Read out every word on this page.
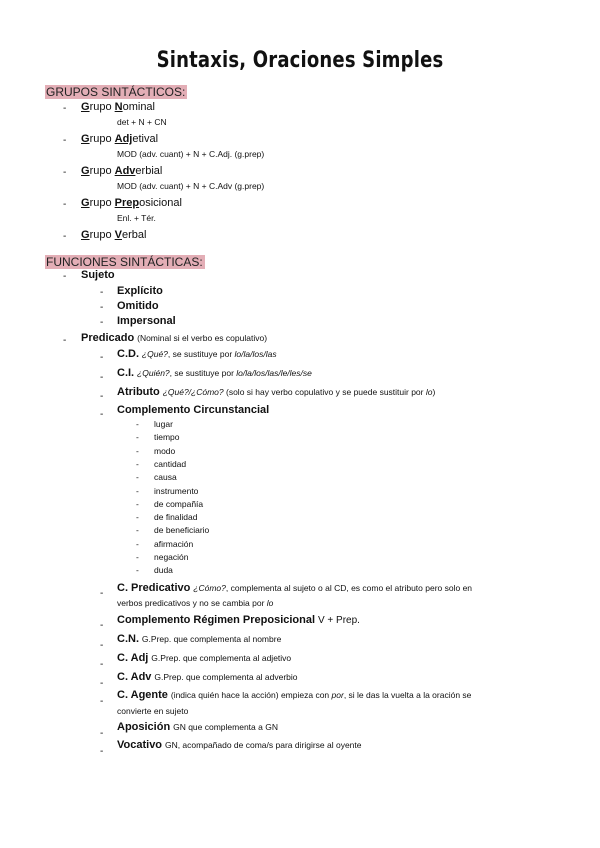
Sintaxis, Oraciones Simples
GRUPOS SINTÁCTICOS:
- Grupo Nominal
det + N + CN
- Grupo Adjetival
MOD (adv. cuant) + N + C.Adj. (g.prep)
- Grupo Adverbial
MOD (adv. cuant) + N + C.Adv (g.prep)
- Grupo Preposicional
Enl. + Tér.
- Grupo Verbal
FUNCIONES SINTÁCTICAS:
- Sujeto
- Explícito
- Omitido
- Impersonal
- Predicado (Nominal si el verbo es copulativo)
- C.D. ¿Qué?, se sustituye por lo/la/los/las
- C.I. ¿Quién?, se sustituye por lo/la/los/las/le/les/se
- Atributo ¿Qué?/¿Cómo? (solo si hay verbo copulativo y se puede sustituir por lo)
- Complemento Circunstancial
- lugar
- tiempo
- modo
- cantidad
- causa
- instrumento
- de compañía
- de finalidad
- de beneficiario
- afirmación
- negación
- duda
- C. Predicativo ¿Cómo?, complementa al sujeto o al CD, es como el atributo pero solo en
verbos predicativos y no se cambia por lo
- Complemento Régimen Preposicional V + Prep.
-
C.N. G.Prep. que complementa al nombre
-
C. Adj G.Prep. que complementa al adjetivo
-
C. Adv G.Prep. que complementa al adverbio
-
C. Agente (indica quién hace la acción) empieza con por, si le das la vuelta a la oración se
convierte en sujeto
-
Aposición GN que complementa a GN
-
Vocativo GN, acompañado de coma/s para dirigirse al oyente
